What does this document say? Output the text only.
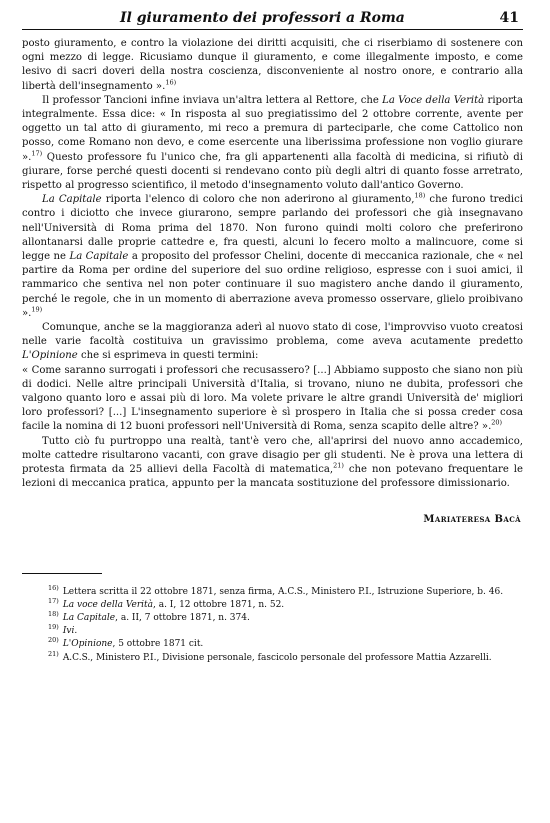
Il giuramento dei professori a Roma	41

posto giuramento, e contro la violazione dei diritti acquisiti, che ci riserbiamo di sostenere con ogni mezzo di legge. Ricusiamo dunque il giuramento, e come illegalmente imposto, e come lesivo di sacri doveri della nostra coscienza, disconveniente al nostro onore, e contrario alla libertà dell'insegnamento ».$^{16)}$

Il professor Tancioni infine inviava un'altra lettera al Rettore, che La Voce della Verità riporta integralmente. Essa dice: « In risposta al suo pregiatissimo del 2 ottobre corrente, avente per oggetto un tal atto di giuramento, mi reco a premura di parteciparle, che come Cattolico non posso, come Romano non devo, e come esercente una liberissima professione non voglio giurare ».$^{17)}$ Questo professore fu l'unico che, fra gli appartenenti alla facoltà di medicina, si rifiutò di giurare, forse perché questi docenti si rendevano conto più degli altri di quanto fosse arretrato, rispetto al progresso scientifico, il metodo d'insegnamento voluto dall'antico Governo.

La Capitale riporta l'elenco di coloro che non aderirono al giuramento,$^{18)}$ che furono tredici contro i diciotto che invece giurarono, sempre parlando dei professori che già insegnavano nell'Università di Roma prima del 1870. Non furono quindi molti coloro che preferirono allontanarsi dalle proprie cattedre e, fra questi, alcuni lo fecero molto a malincuore, come si legge ne La Capitale a proposito del professor Chelini, docente di meccanica razionale, che « nel partire da Roma per ordine del superiore del suo ordine religioso, espresse con i suoi amici, il rammarico che sentiva nel non poter continuare il suo magistero anche dando il giuramento, perché le regole, che in un momento di aberrazione aveva promesso osservare, glielo proibivano ».$^{19)}$

Comunque, anche se la maggioranza aderì al nuovo stato di cose, l'improvviso vuoto creatosi nelle varie facoltà costituiva un gravissimo problema, come aveva acutamente predetto L'Opinione che si esprimeva in questi termini:

« Come saranno surrogati i professori che recusassero? [...] Abbiamo supposto che siano non più di dodici. Nelle altre principali Università d'Italia, si trovano, niuno ne dubita, professori che valgono quanto loro e assai più di loro. Ma volete privare le altre grandi Università de' migliori loro professori? [...] L'insegnamento superiore è sì prospero in Italia che si possa creder cosa facile la nomina di 12 buoni professori nell'Università di Roma, senza scapito delle altre? ».$^{20)}$

Tutto ciò fu purtroppo una realtà, tant'è vero che, all'aprirsi del nuovo anno accademico, molte cattedre risultarono vacanti, con grave disagio per gli studenti. Ne è prova una lettera di protesta firmata da 25 allievi della Facoltà di matematica,$^{21)}$ che non potevano frequentare le lezioni di meccanica pratica, appunto per la mancata sostituzione del professore dimissionario.

Mariateresa Bacà

$^{16)}$ Lettera scritta il 22 ottobre 1871, senza firma, A.C.S., Ministero P.I., Istruzione Superiore, b. 46.

$^{17)}$ La voce della Verità, a. I, 12 ottobre 1871, n. 52.

$^{18)}$ La Capitale, a. II, 7 ottobre 1871, n. 374.

$^{19)}$ Ivi.

$^{20)}$ L'Opinione, 5 ottobre 1871 cit.

$^{21)}$ A.C.S., Ministero P.I., Divisione personale, fascicolo personale del professore Mattia Azzarelli.
